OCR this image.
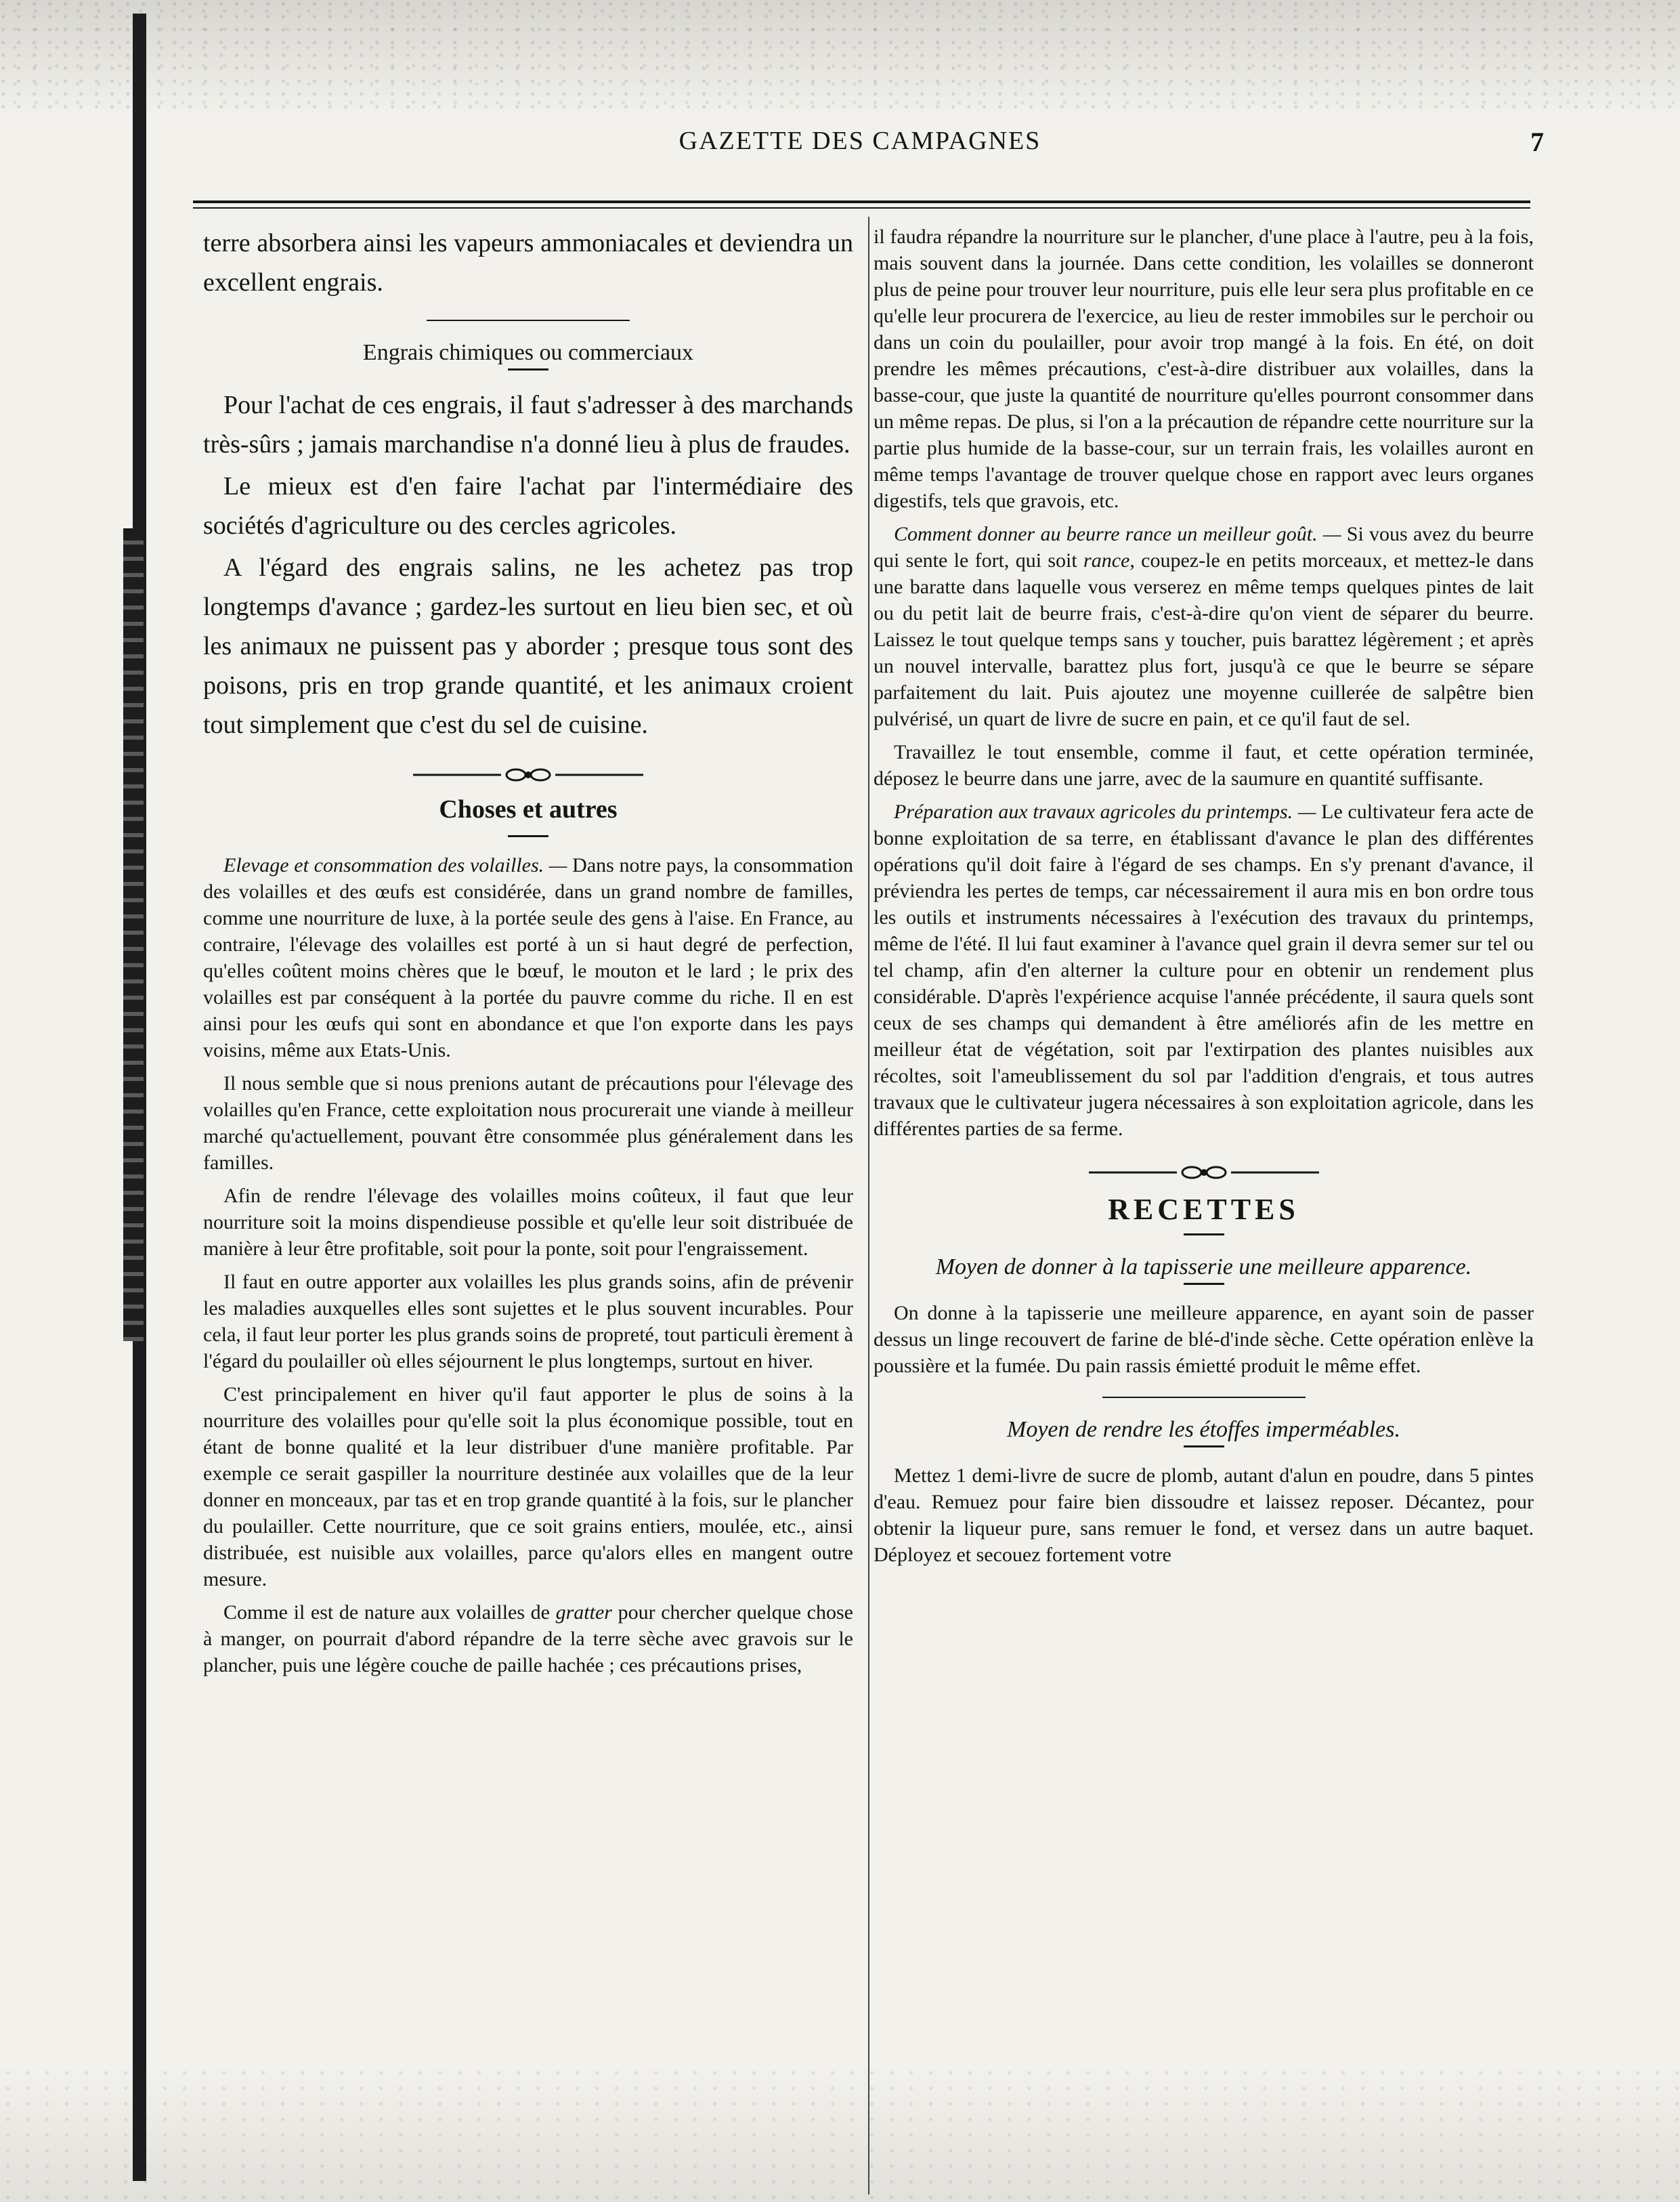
GAZETTE DES CAMPAGNES	7

terre absorbera ainsi les vapeurs ammoniacales et deviendra un excellent engrais.

Engrais chimiques ou commerciaux

Pour l'achat de ces engrais, il faut s'adresser à des marchands très-sûrs ; jamais marchandise n'a donné lieu à plus de fraudes.

Le mieux est d'en faire l'achat par l'intermédiaire des sociétés d'agriculture ou des cercles agricoles.

A l'égard des engrais salins, ne les achetez pas trop longtemps d'avance ; gardez-les surtout en lieu bien sec, et où les animaux ne puissent pas y aborder ; presque tous sont des poisons, pris en trop grande quantité, et les animaux croient tout simplement que c'est du sel de cuisine.

Choses et autres

Elevage et consommation des volailles. — Dans notre pays, la consommation des volailles et des œufs est considérée, dans un grand nombre de familles, comme une nourriture de luxe, à la portée seule des gens à l'aise. En France, au contraire, l'élevage des volailles est porté à un si haut degré de perfection, qu'elles coûtent moins chères que le bœuf, le mouton et le lard ; le prix des volailles est par conséquent à la portée du pauvre comme du riche. Il en est ainsi pour les œufs qui sont en abondance et que l'on exporte dans les pays voisins, même aux Etats-Unis.

Il nous semble que si nous prenions autant de précautions pour l'élevage des volailles qu'en France, cette exploitation nous procurerait une viande à meilleur marché qu'actuellement, pouvant être consommée plus généralement dans les familles.

Afin de rendre l'élevage des volailles moins coûteux, il faut que leur nourriture soit la moins dispendieuse possible et qu'elle leur soit distribuée de manière à leur être profitable, soit pour la ponte, soit pour l'engraissement.

Il faut en outre apporter aux volailles les plus grands soins, afin de prévenir les maladies auxquelles elles sont sujettes et le plus souvent incurables. Pour cela, il faut leur porter les plus grands soins de propreté, tout particuli èrement à l'égard du poulailler où elles séjournent le plus longtemps, surtout en hiver.

C'est principalement en hiver qu'il faut apporter le plus de soins à la nourriture des volailles pour qu'elle soit la plus économique possible, tout en étant de bonne qualité et la leur distribuer d'une manière profitable. Par exemple ce serait gaspiller la nourriture destinée aux volailles que de la leur donner en monceaux, par tas et en trop grande quantité à la fois, sur le plancher du poulailler. Cette nourriture, que ce soit grains entiers, moulée, etc., ainsi distribuée, est nuisible aux volailles, parce qu'alors elles en mangent outre mesure.

Comme il est de nature aux volailles de gratter pour chercher quelque chose à manger, on pourrait d'abord répandre de la terre sèche avec gravois sur le plancher, puis une légère couche de paille hachée ; ces précautions prises,

il faudra répandre la nourriture sur le plancher, d'une place à l'autre, peu à la fois, mais souvent dans la journée. Dans cette condition, les volailles se donneront plus de peine pour trouver leur nourriture, puis elle leur sera plus profitable en ce qu'elle leur procurera de l'exercice, au lieu de rester immobiles sur le perchoir ou dans un coin du poulailler, pour avoir trop mangé à la fois. En été, on doit prendre les mêmes précautions, c'est-à-dire distribuer aux volailles, dans la basse-cour, que juste la quantité de nourriture qu'elles pourront consommer dans un même repas. De plus, si l'on a la précaution de répandre cette nourriture sur la partie plus humide de la basse-cour, sur un terrain frais, les volailles auront en même temps l'avantage de trouver quelque chose en rapport avec leurs organes digestifs, tels que gravois, etc.

Comment donner au beurre rance un meilleur goût. — Si vous avez du beurre qui sente le fort, qui soit rance, coupez-le en petits morceaux, et mettez-le dans une baratte dans laquelle vous verserez en même temps quelques pintes de lait ou du petit lait de beurre frais, c'est-à-dire qu'on vient de séparer du beurre. Laissez le tout quelque temps sans y toucher, puis barattez légèrement ; et après un nouvel intervalle, barattez plus fort, jusqu'à ce que le beurre se sépare parfaitement du lait. Puis ajoutez une moyenne cuillerée de salpêtre bien pulvérisé, un quart de livre de sucre en pain, et ce qu'il faut de sel.

Travaillez le tout ensemble, comme il faut, et cette opération terminée, déposez le beurre dans une jarre, avec de la saumure en quantité suffisante.

Préparation aux travaux agricoles du printemps. — Le cultivateur fera acte de bonne exploitation de sa terre, en établissant d'avance le plan des différentes opérations qu'il doit faire à l'égard de ses champs. En s'y prenant d'avance, il préviendra les pertes de temps, car nécessairement il aura mis en bon ordre tous les outils et instruments nécessaires à l'exécution des travaux du printemps, même de l'été. Il lui faut examiner à l'avance quel grain il devra semer sur tel ou tel champ, afin d'en alterner la culture pour en obtenir un rendement plus considérable. D'après l'expérience acquise l'année précédente, il saura quels sont ceux de ses champs qui demandent à être améliorés afin de les mettre en meilleur état de végétation, soit par l'extirpation des plantes nuisibles aux récoltes, soit l'ameublissement du sol par l'addition d'engrais, et tous autres travaux que le cultivateur jugera nécessaires à son exploitation agricole, dans les différentes parties de sa ferme.

RECETTES
Moyen de donner à la tapisserie une meilleure apparence.

On donne à la tapisserie une meilleure apparence, en ayant soin de passer dessus un linge recouvert de farine de blé-d'inde sèche. Cette opération enlève la poussière et la fumée. Du pain rassis émietté produit le même effet.

Moyen de rendre les étoffes imperméables.

Mettez 1 demi-livre de sucre de plomb, autant d'alun en poudre, dans 5 pintes d'eau. Remuez pour faire bien dissoudre et laissez reposer. Décantez, pour obtenir la liqueur pure, sans remuer le fond, et versez dans un autre baquet. Déployez et secouez fortement votre
